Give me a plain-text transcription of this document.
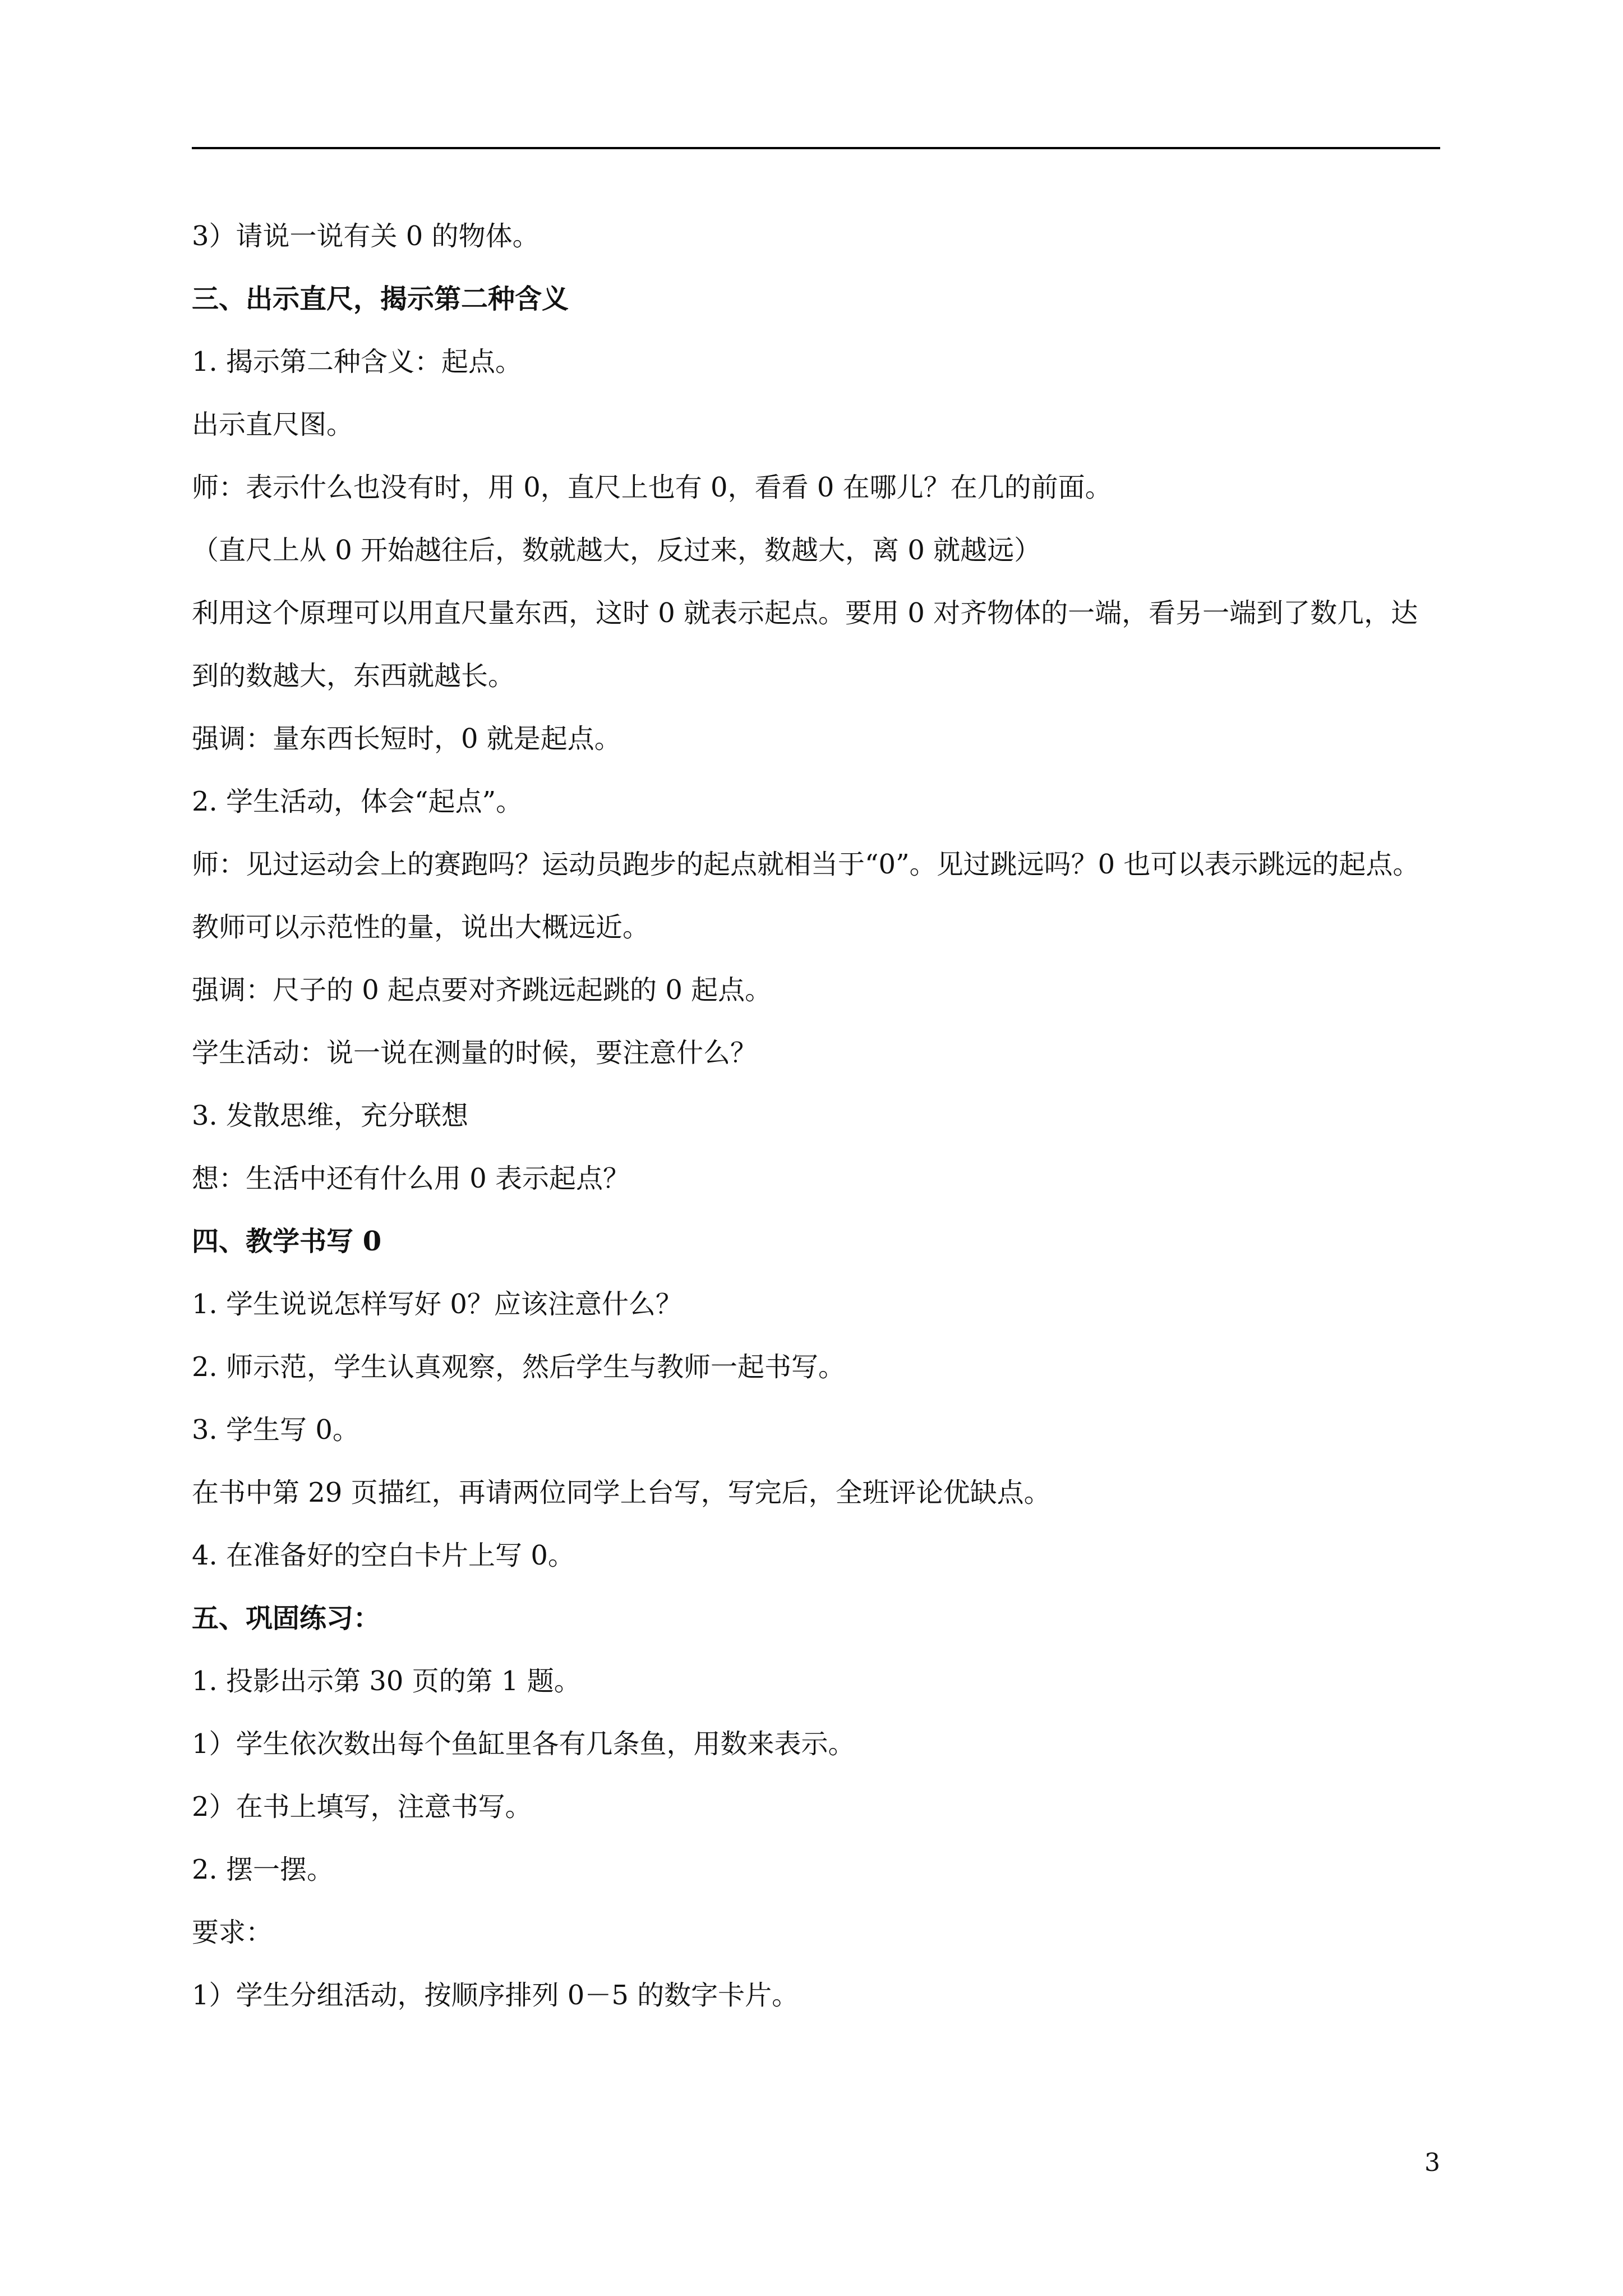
3）请说一说有关 0 的物体。
三、出示直尺，揭示第二种含义
1. 揭示第二种含义：起点。
出示直尺图。
师：表示什么也没有时，用 0，直尺上也有 0，看看 0 在哪儿？在几的前面。
（直尺上从 0 开始越往后，数就越大，反过来，数越大，离 0 就越远）
利用这个原理可以用直尺量东西，这时 0 就表示起点。要用 0 对齐物体的一端，看另一端到了数几，达到的数越大，东西就越长。
强调：量东西长短时，0 就是起点。
2. 学生活动，体会“起点”。
师：见过运动会上的赛跑吗？运动员跑步的起点就相当于“0”。见过跳远吗？0 也可以表示跳远的起点。
教师可以示范性的量，说出大概远近。
强调：尺子的 0 起点要对齐跳远起跳的 0 起点。
学生活动：说一说在测量的时候，要注意什么？
3. 发散思维，充分联想
想：生活中还有什么用 0 表示起点？
四、教学书写 0
1. 学生说说怎样写好 0？应该注意什么？
2. 师示范，学生认真观察，然后学生与教师一起书写。
3. 学生写 0。
在书中第 29 页描红，再请两位同学上台写，写完后，全班评论优缺点。
4. 在准备好的空白卡片上写 0。
五、巩固练习：
1. 投影出示第 30 页的第 1 题。
1）学生依次数出每个鱼缸里各有几条鱼，用数来表示。
2）在书上填写，注意书写。
2. 摆一摆。
要求：
1）学生分组活动，按顺序排列 0－5 的数字卡片。
3
